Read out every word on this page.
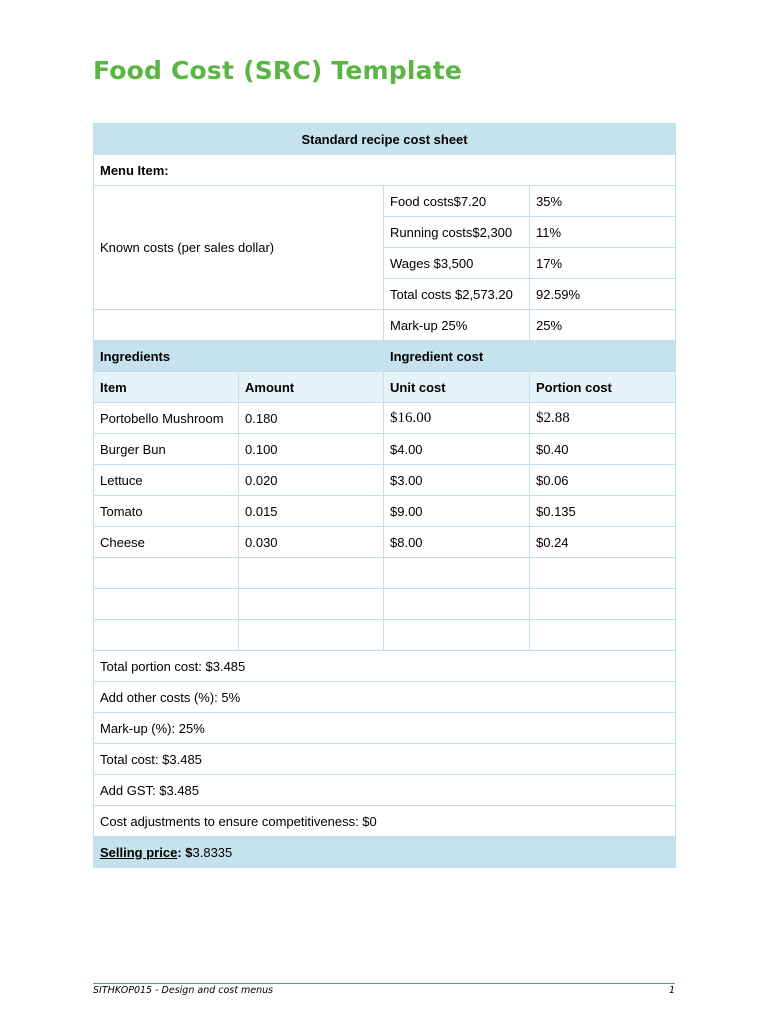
Food Cost (SRC) Template
Standard recipe cost sheet			
Menu Item:			
Known costs (per sales dollar)		Food costs$7.20	35%
		Running costs$2,300	11%
		Wages $3,500	17%
		Total costs $2,573.20	92.59%
		Mark-up 25%	25%
Ingredients		Ingredient cost	
Item	Amount	Unit cost	Portion cost
Portobello Mushroom	0.180	$16.00	$2.88
Burger Bun	0.100	$4.00	$0.40
Lettuce	0.020	$3.00	$0.06
Tomato	0.015	$9.00	$0.135
Cheese	0.030	$8.00	$0.24

Total portion cost: $3.485			
Add other costs (%): 5%			
Mark-up (%): 25%			
Total cost: $3.485			
Add GST: $3.485			
Cost adjustments to ensure competitiveness: $0			
Selling price: $3.8335			
SITHKOP015 - Design and cost menus	1
